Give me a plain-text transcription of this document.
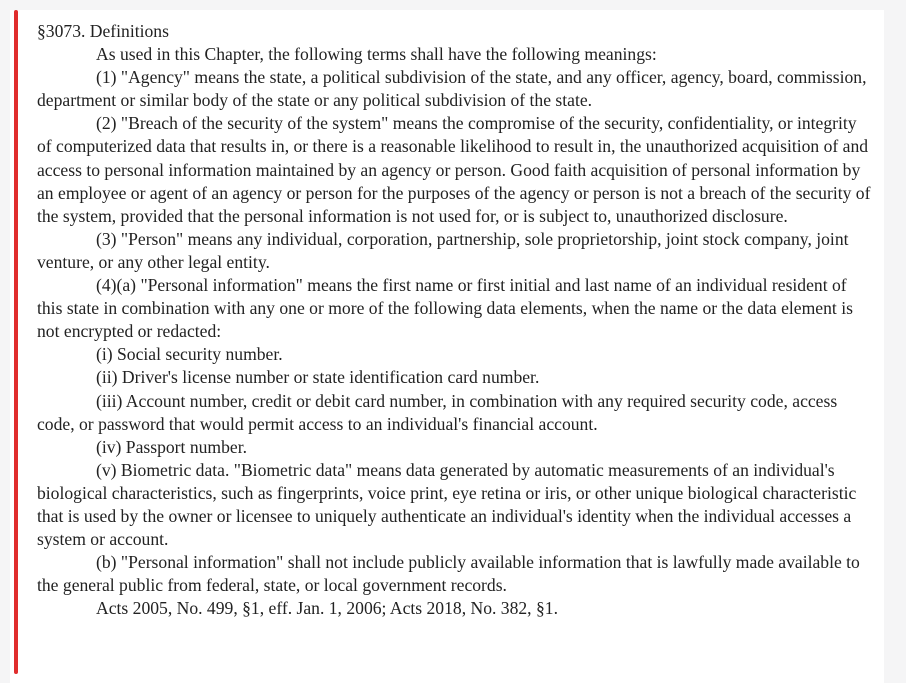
§3073. Definitions

As used in this Chapter, the following terms shall have the following meanings:

(1) "Agency" means the state, a political subdivision of the state, and any officer, agency, board, commission, department or similar body of the state or any political subdivision of the state.

(2) "Breach of the security of the system" means the compromise of the security, confidentiality, or integrity of computerized data that results in, or there is a reasonable likelihood to result in, the unauthorized acquisition of and access to personal information maintained by an agency or person. Good faith acquisition of personal information by an employee or agent of an agency or person for the purposes of the agency or person is not a breach of the security of the system, provided that the personal information is not used for, or is subject to, unauthorized disclosure.

(3) "Person" means any individual, corporation, partnership, sole proprietorship, joint stock company, joint venture, or any other legal entity.

(4)(a) "Personal information" means the first name or first initial and last name of an individual resident of this state in combination with any one or more of the following data elements, when the name or the data element is not encrypted or redacted:

(i) Social security number.

(ii) Driver's license number or state identification card number.

(iii) Account number, credit or debit card number, in combination with any required security code, access code, or password that would permit access to an individual's financial account.

(iv) Passport number.

(v) Biometric data. "Biometric data" means data generated by automatic measurements of an individual's biological characteristics, such as fingerprints, voice print, eye retina or iris, or other unique biological characteristic that is used by the owner or licensee to uniquely authenticate an individual's identity when the individual accesses a system or account.

(b) "Personal information" shall not include publicly available information that is lawfully made available to the general public from federal, state, or local government records.

Acts 2005, No. 499, §1, eff. Jan. 1, 2006; Acts 2018, No. 382, §1.
